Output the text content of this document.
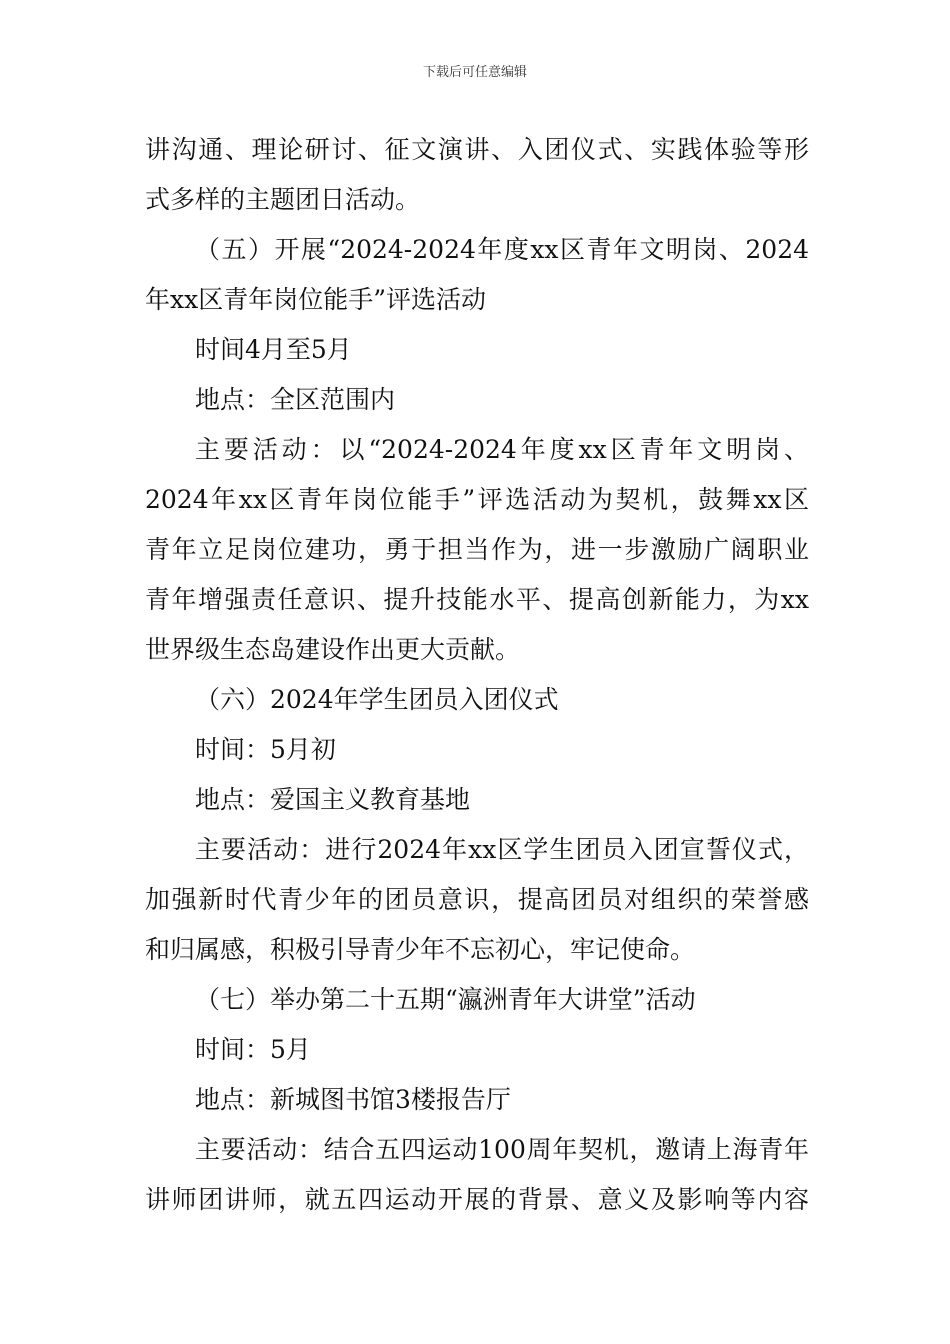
下载后可任意编辑
讲沟通、理论研讨、征文演讲、入团仪式、实践体验等形
式多样的主题团日活动。
（五）开展“2024-2024年度xx区青年文明岗、2024
年xx区青年岗位能手”评选活动
时间4月至5月
地点：全区范围内
主要活动：以“2024-2024年度xx区青年文明岗、
2024年xx区青年岗位能手”评选活动为契机，鼓舞xx区
青年立足岗位建功，勇于担当作为，进一步激励广阔职业
青年增强责任意识、提升技能水平、提高创新能力，为xx
世界级生态岛建设作出更大贡献。
（六）2024年学生团员入团仪式
时间：5月初
地点：爱国主义教育基地
主要活动：进行2024年xx区学生团员入团宣誓仪式，
加强新时代青少年的团员意识，提高团员对组织的荣誉感
和归属感，积极引导青少年不忘初心，牢记使命。
（七）举办第二十五期“瀛洲青年大讲堂”活动
时间：5月
地点：新城图书馆3楼报告厅
主要活动：结合五四运动100周年契机，邀请上海青年
讲师团讲师，就五四运动开展的背景、意义及影响等内容
